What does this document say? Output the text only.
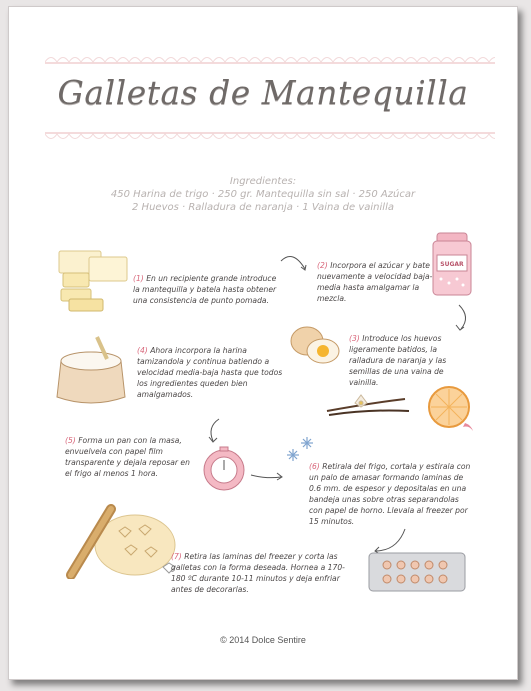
Galletas de Mantequilla
Ingredientes:
450 Harina de trigo · 250 gr. Mantequilla sin sal · 250 Azúcar
2 Huevos · Ralladura de naranja · 1 Vaina de vainilla
SUGAR
(1) En un recipiente grande introduce la mantequilla y batela hasta obtener una consistencia de punto pomada.
(2) Incorpora el azúcar y bate nuevamente a velocidad baja-media hasta amalgamar la mezcla.
(3) Introduce los huevos ligeramente batidos, la ralladura de naranja y las semillas de una vaina de vainilla.
(4) Ahora incorpora la harina tamizandola y continua batiendo a velocidad media-baja hasta que todos los ingredientes queden bien amalgamados.
(5) Forma un pan con la masa, envuelvela con papel film transparente y dejala reposar en el frigo al menos 1 hora.
(6) Retirala del frigo, cortala y estirala con un palo de amasar formando laminas de 0.6 mm. de espesor y depositalas en una bandeja unas sobre otras separandolas con papel de horno. Llevala al freezer por 15 minutos.
(7) Retira las laminas del freezer y corta las galletas con la forma deseada. Hornea a 170-180 ºC durante 10-11 minutos y deja enfriar antes de decorarlas.
© 2014 Dolce Sentire
